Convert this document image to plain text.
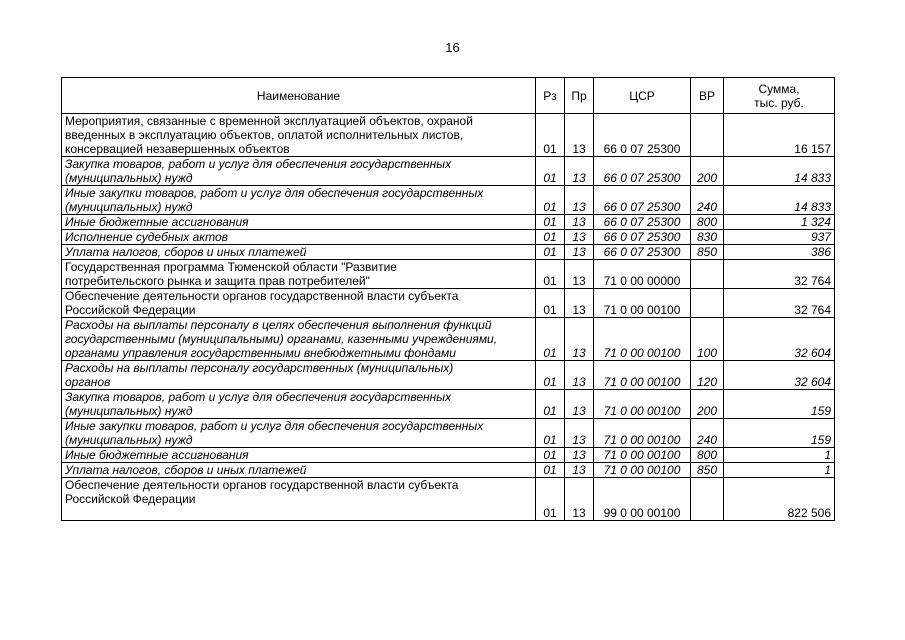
16
Наименование	Рз	Пр	ЦСР	ВР	Сумма,
тыс. руб.
Мероприятия, связанные с временной эксплуатацией объектов, охраной
введенных в эксплуатацию объектов, оплатой исполнительных листов,
консервацией незавершенных объектов	01	13	66 0 07 25300		16 157
Закупка товаров, работ и услуг для обеспечения государственных
(муниципальных) нужд	01	13	66 0 07 25300	200	14 833
Иные закупки товаров, работ и услуг для обеспечения государственных
(муниципальных) нужд	01	13	66 0 07 25300	240	14 833
Иные бюджетные ассигнования	01	13	66 0 07 25300	800	1 324
Исполнение судебных актов	01	13	66 0 07 25300	830	937
Уплата налогов, сборов и иных платежей	01	13	66 0 07 25300	850	386
Государственная программа Тюменской области "Развитие
потребительского рынка и защита прав потребителей"	01	13	71 0 00 00000		32 764
Обеспечение деятельности органов государственной власти субъекта
Российской Федерации	01	13	71 0 00 00100		32 764
Расходы на выплаты персоналу в целях обеспечения выполнения функций
государственными (муниципальными) органами, казенными учреждениями,
органами управления государственными внебюджетными фондами	01	13	71 0 00 00100	100	32 604
Расходы на выплаты персоналу государственных (муниципальных)
органов	01	13	71 0 00 00100	120	32 604
Закупка товаров, работ и услуг для обеспечения государственных
(муниципальных) нужд	01	13	71 0 00 00100	200	159
Иные закупки товаров, работ и услуг для обеспечения государственных
(муниципальных) нужд	01	13	71 0 00 00100	240	159
Иные бюджетные ассигнования	01	13	71 0 00 00100	800	1
Уплата налогов, сборов и иных платежей	01	13	71 0 00 00100	850	1
Обеспечение деятельности органов государственной власти субъекта
Российской Федерации	01	13	99 0 00 00100		822 506
